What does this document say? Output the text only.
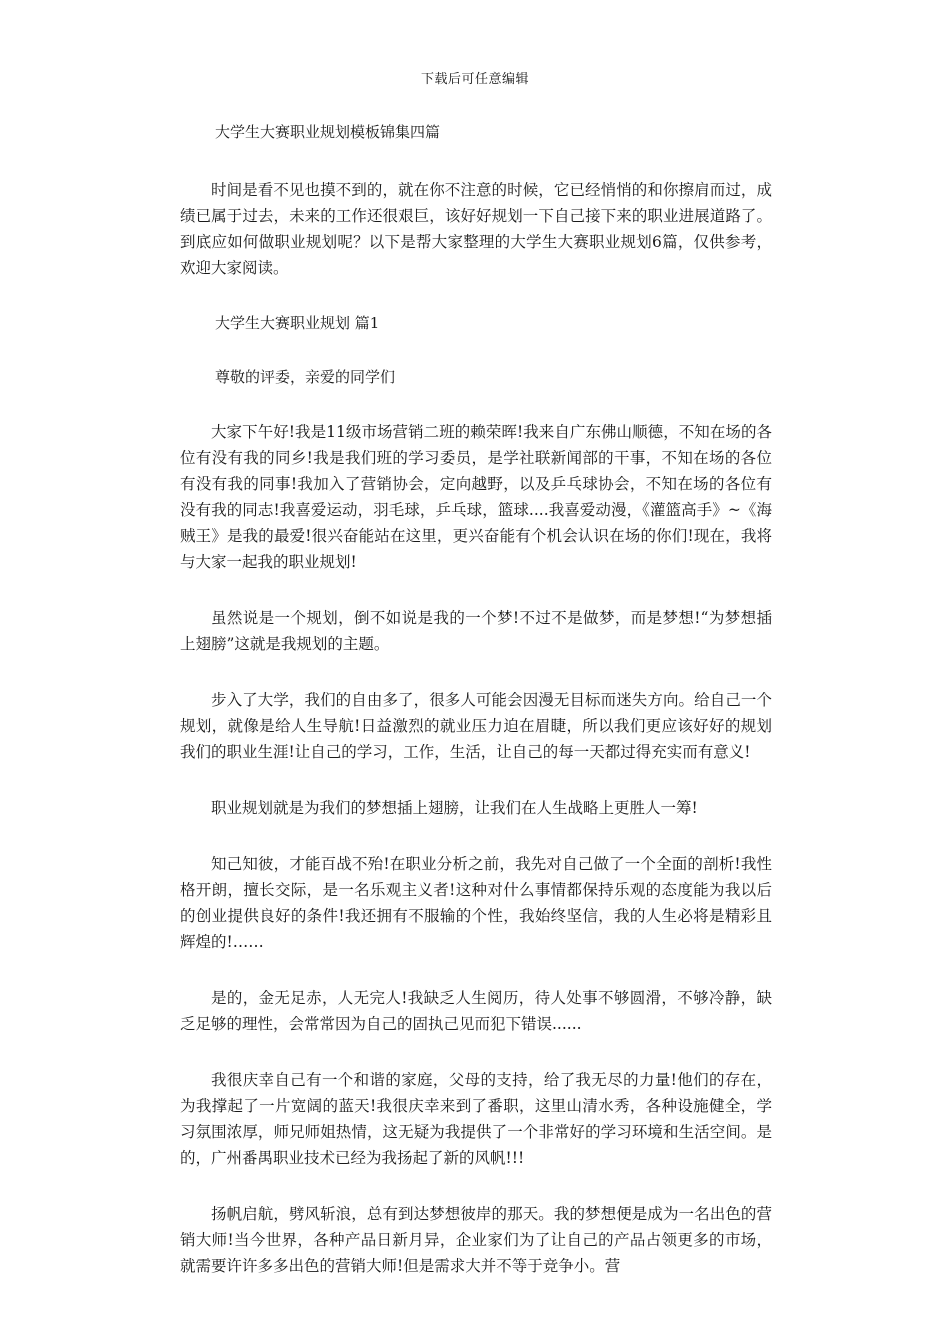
下载后可任意编辑
大学生大赛职业规划模板锦集四篇

时间是看不见也摸不到的，就在你不注意的时候，它已经悄悄的和你擦肩而过，成绩已属于过去，未来的工作还很艰巨，该好好规划一下自己接下来的职业进展道路了。到底应如何做职业规划呢？以下是帮大家整理的大学生大赛职业规划6篇，仅供参考，欢迎大家阅读。

大学生大赛职业规划 篇1

尊敬的评委，亲爱的同学们

大家下午好!我是11级市场营销二班的赖荣晖!我来自广东佛山顺德，不知在场的各位有没有我的同乡!我是我们班的学习委员，是学社联新闻部的干事，不知在场的各位有没有我的同事!我加入了营销协会，定向越野，以及乒乓球协会，不知在场的各位有没有我的同志!我喜爱运动，羽毛球，乒乓球，篮球....我喜爱动漫，《灌篮高手》~《海贼王》是我的最爱!很兴奋能站在这里，更兴奋能有个机会认识在场的你们!现在，我将与大家一起我的职业规划!

虽然说是一个规划，倒不如说是我的一个梦!不过不是做梦，而是梦想!“为梦想插上翅膀”这就是我规划的主题。

步入了大学，我们的自由多了，很多人可能会因漫无目标而迷失方向。给自己一个规划，就像是给人生导航!日益激烈的就业压力迫在眉睫，所以我们更应该好好的规划我们的职业生涯!让自己的学习，工作，生活，让自己的每一天都过得充实而有意义!

职业规划就是为我们的梦想插上翅膀，让我们在人生战略上更胜人一筹!

知己知彼，才能百战不殆!在职业分析之前，我先对自己做了一个全面的剖析!我性格开朗，擅长交际，是一名乐观主义者!这种对什么事情都保持乐观的态度能为我以后的创业提供良好的条件!我还拥有不服输的个性，我始终坚信，我的人生必将是精彩且辉煌的!……

是的，金无足赤，人无完人!我缺乏人生阅历，待人处事不够圆滑，不够冷静，缺乏足够的理性，会常常因为自己的固执己见而犯下错误......

我很庆幸自己有一个和谐的家庭，父母的支持，给了我无尽的力量!他们的存在，为我撑起了一片宽阔的蓝天!我很庆幸来到了番职，这里山清水秀，各种设施健全，学习氛围浓厚，师兄师姐热情，这无疑为我提供了一个非常好的学习环境和生活空间。是的，广州番禺职业技术已经为我扬起了新的风帆!!!

扬帆启航，劈风斩浪，总有到达梦想彼岸的那天。我的梦想便是成为一名出色的营销大师!当今世界，各种产品日新月异，企业家们为了让自己的产品占领更多的市场，就需要许许多多出色的营销大师!但是需求大并不等于竞争小。营
